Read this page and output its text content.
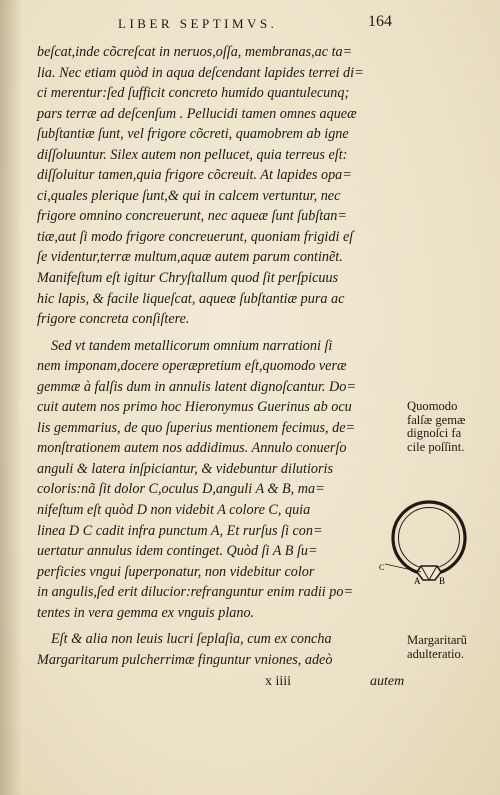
LIBER SEPTIMVS.	164
beſcat,inde cõcreſcat in neruos,oſſa, membranas,ac ta=
lia. Nec etiam quòd in aqua deſcendant lapides terrei di=
ci merentur:ſed ſufficit concreto humido quantulecunq;
pars terræ ad deſcenſum . Pellucidi tamen omnes aqueæ
ſubſtantiæ ſunt, vel frigore cõcreti, quamobrem ab igne
diſſoluuntur. Silex autem non pellucet, quia terreus eſt:
diſſoluitur tamen,quia frigore cõcreuit. At lapides opa=
ci,quales plerique ſunt,& qui in calcem vertuntur, nec
frigore omnino concreuerunt, nec aqueæ ſunt ſubſtan=
tiæ,aut ſi modo frigore concreuerunt, quoniam frigidi eſ
ſe videntur,terræ multum,aquæ autem parum continẽt.
Manifeſtum eſt igitur Chryſtallum quod ſit perſpicuus
hic lapis, & facile liqueſcat, aqueæ ſubſtantiæ pura ac
frigore concreta conſiſtere.
Sed vt tandem metallicorum omnium narrationi ſi
nem imponam,docere operæpretium eſt,quomodo veræ
gemmæ à falſis dum in annulis latent dignoſcantur. Do=
cuit autem nos primo hoc Hieronymus Guerinus ab ocu
lis gemmarius, de quo ſuperius mentionem fecimus, de=
monſtrationem autem nos addidimus. Annulo conuerſo
anguli & latera inſpiciantur, & videbuntur dilutioris
coloris:nã ſit dolor C,oculus D,anguli A & B, ma=
nifeſtum eſt quòd D non videbit A colore C, quia
linea D C cadit infra punctum A, Et rurſus ſi con=
uertatur annulus idem continget. Quòd ſi A B ſu=
perficies vngui ſuperponatur, non videbitur color
in angulis,ſed erit dilucior:refranguntur enim radii po=
tentes in vera gemma ex vnguis plano.
Eſt & alia non leuis lucri ſeplaſia, cum ex concha
Margaritarum pulcherrimæ finguntur vniones, adeò
Quomodo
falſæ gemæ
dignoſci fa
cile poſſint.
C
A B
Margaritarũ
adulteratio.
x iiii	autem
